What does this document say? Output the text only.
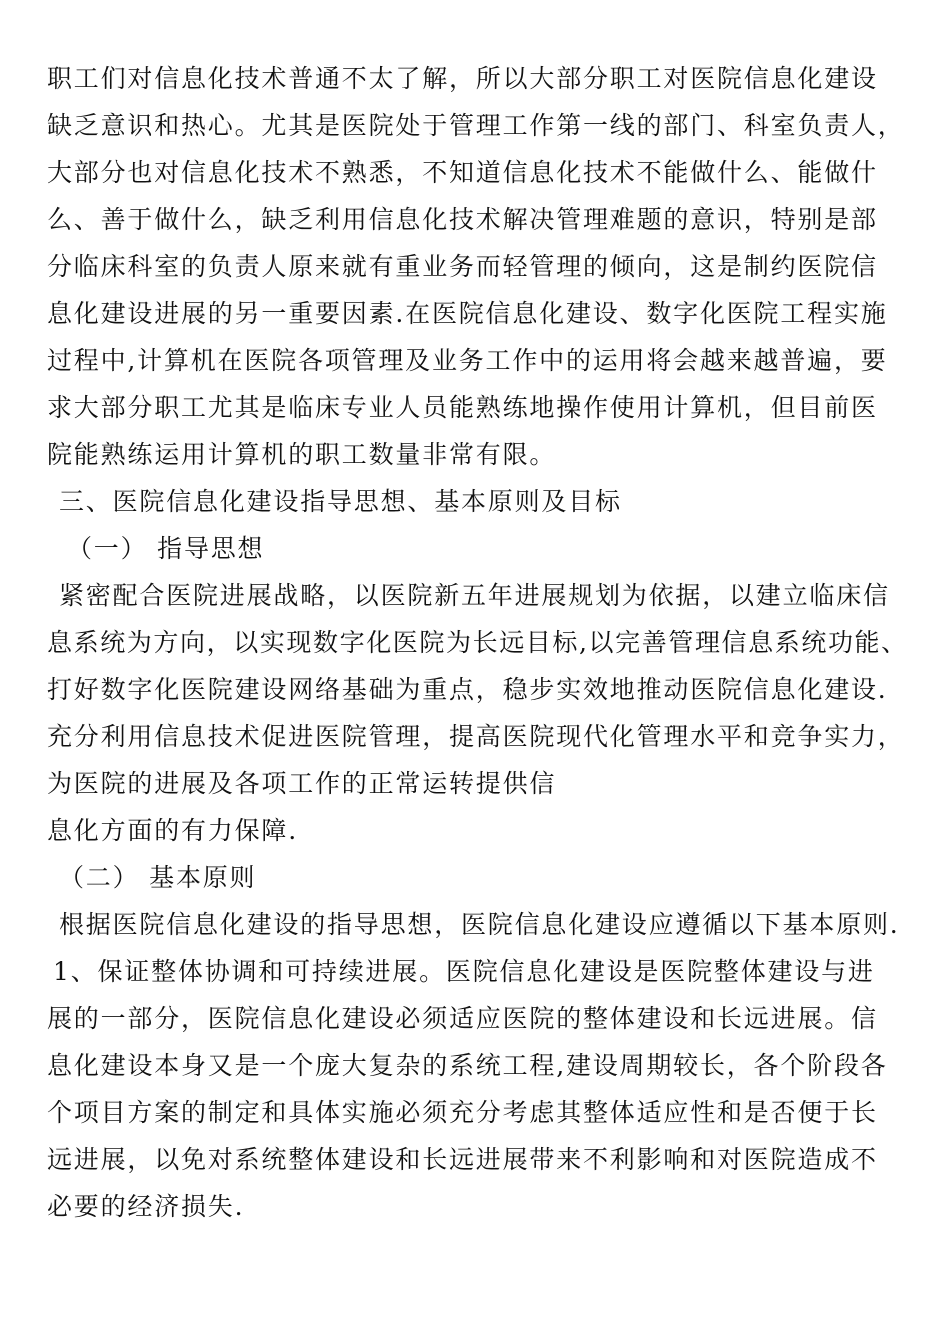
职工们对信息化技术普通不太了解，所以大部分职工对医院信息化建设
缺乏意识和热心。尤其是医院处于管理工作第一线的部门、科室负责人，
大部分也对信息化技术不熟悉，不知道信息化技术不能做什么、能做什
么、善于做什么，缺乏利用信息化技术解决管理难题的意识，特别是部
分临床科室的负责人原来就有重业务而轻管理的倾向，这是制约医院信
息化建设进展的另一重要因素.在医院信息化建设、数字化医院工程实施
过程中,计算机在医院各项管理及业务工作中的运用将会越来越普遍，要
求大部分职工尤其是临床专业人员能熟练地操作使用计算机，但目前医
院能熟练运用计算机的职工数量非常有限。
三、医院信息化建设指导思想、基本原则及目标
（一） 指导思想
紧密配合医院进展战略，以医院新五年进展规划为依据，以建立临床信
息系统为方向，以实现数字化医院为长远目标,以完善管理信息系统功能、
打好数字化医院建设网络基础为重点，稳步实效地推动医院信息化建设.
充分利用信息技术促进医院管理，提高医院现代化管理水平和竞争实力，
为医院的进展及各项工作的正常运转提供信
息化方面的有力保障.
（二） 基本原则
根据医院信息化建设的指导思想，医院信息化建设应遵循以下基本原则.
1、保证整体协调和可持续进展。医院信息化建设是医院整体建设与进
展的一部分，医院信息化建设必须适应医院的整体建设和长远进展。信
息化建设本身又是一个庞大复杂的系统工程,建设周期较长，各个阶段各
个项目方案的制定和具体实施必须充分考虑其整体适应性和是否便于长
远进展，以免对系统整体建设和长远进展带来不利影响和对医院造成不
必要的经济损失.
